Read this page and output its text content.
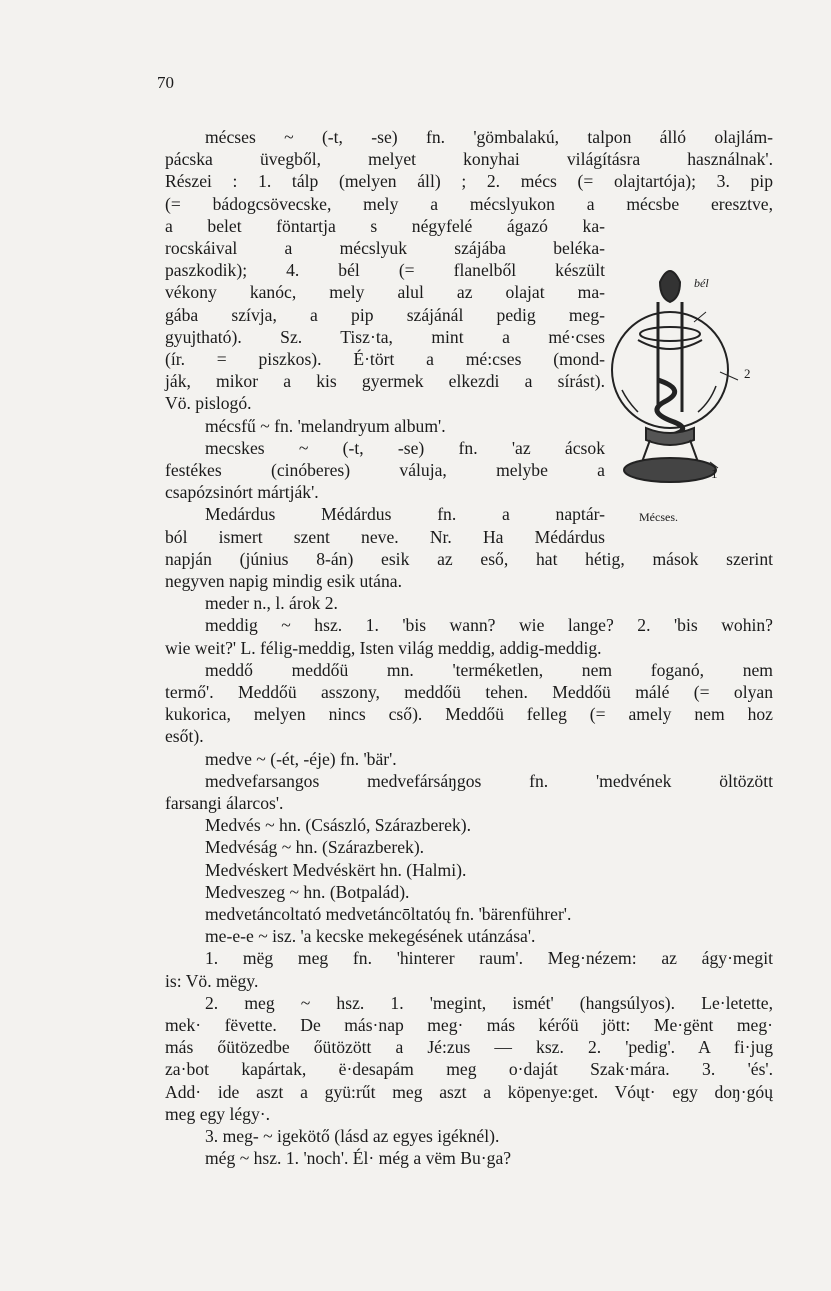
70
mécses ~ (-t, -se) fn. 'gömbalakú, talpon álló olajlám-
pácska üvegből, melyet konyhai világításra használnak'.
Részei : 1. tálp (melyen áll) ; 2. mécs (= olajtartója); 3. pip
(= bádogcsövecske, mely a mécslyukon a mécsbe eresztve,
a belet föntartja s négyfelé ágazó ka-
rocskáival a mécslyuk szájába beléka-
paszkodik); 4. bél (= flanelből készült
vékony kanóc, mely alul az olajat ma-
gába szívja, a pip szájánál pedig meg-
gyujtható). Sz. Tisz·ta, mint a mé·cses
(ír. = piszkos). É·tört a mé:cses (mond-
ják, mikor a kis gyermek elkezdi a sírást).
Vö. pislogó.
mécsfű ~ fn. 'melandryum album'.
mecskes ~ (-t, -se) fn. 'az ácsok
festékes (cinóberes) váluja, melybe a
csapózsinórt mártják'.
Medárdus Médárdus fn. a naptár-
ból ismert szent neve. Nr. Ha Médárdus
napján (június 8-án) esik az eső, hat hétig, mások szerint
negyven napig mindig esik utána.
meder n., l. árok 2.
meddig ~ hsz. 1. 'bis wann? wie lange? 2. 'bis wohin?
wie weit?' L. félig-meddig, Isten világ meddig, addig-meddig.
meddő meddőü mn. 'terméketlen, nem foganó, nem
termő'. Meddőü asszony, meddőü tehen. Meddőü málé (= olyan
kukorica, melyen nincs cső). Meddőü felleg (= amely nem hoz
esőt).
medve ~ (-ét, -éje) fn. 'bär'.
medvefarsangos medvefársáŋgos fn. 'medvének öltözött
farsangi álarcos'.
Medvés ~ hn. (Császló, Szárazberek).
Medvéság ~ hn. (Szárazberek).
Medvéskert Medvéskërt hn. (Halmi).
Medveszeg ~ hn. (Botpalád).
medvetáncoltató medvetáncōltatóų fn. 'bärenführer'.
me-e-e ~ isz. 'a kecske mekegésének utánzása'.
1. mëg meg fn. 'hinterer raum'. Meg·nézem: az ágy·megit
is: Vö. mëgy.
2. meg ~ hsz. 1. 'megint, ismét' (hangsúlyos). Le·letette,
mek· fëvette. De más·nap meg· más kérőü jött: Me·gënt meg·
más őütözedbe őütözött a Jé:zus — ksz. 2. 'pedig'. A fi·jug
za·bot kapártak, ë·desapám meg o·daját Szak·mára. 3. 'és'.
Add· ide aszt a gyü:rűt meg aszt a köpenye:get. Vóųt· egy doŋ·góų
meg egy légy·.
3. meg- ~ igekötő (lásd az egyes igéknél).
még ~ hsz. 1. 'noch'. Él· még a vëm Bu·ga?
bél
2
1
Mécses.
